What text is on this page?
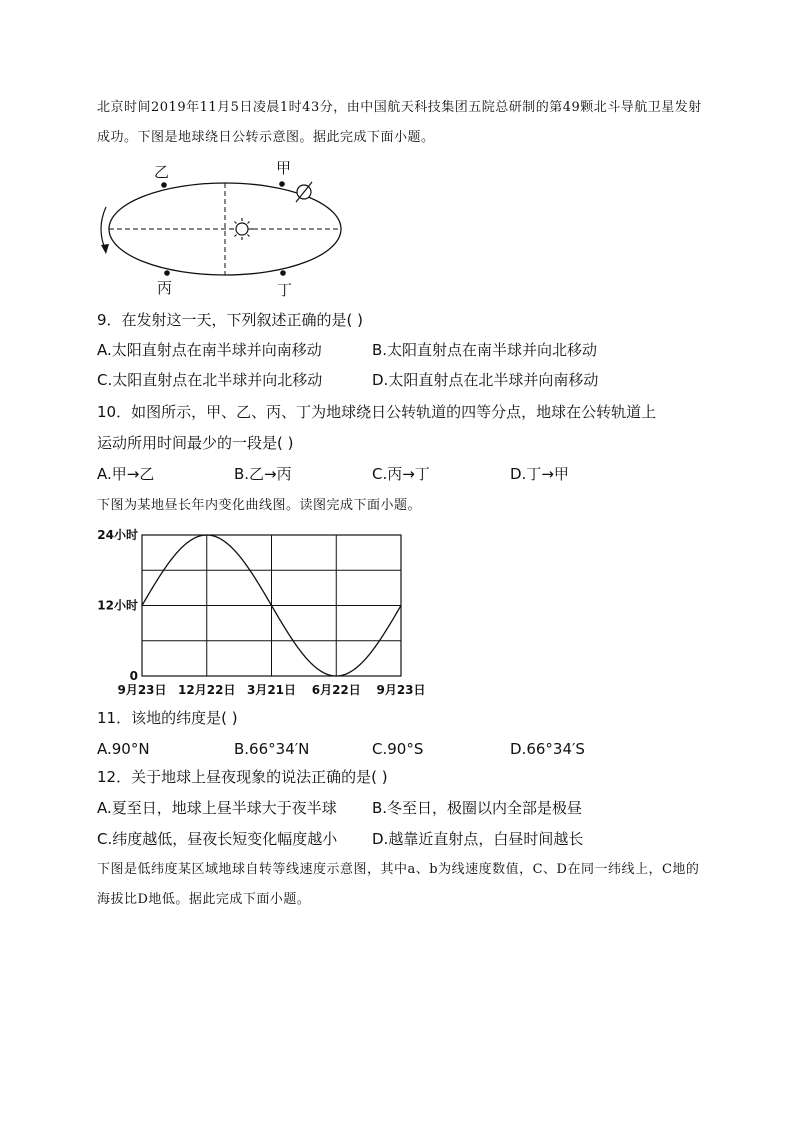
北京时间2019年11月5日凌晨1时43分，由中国航天科技集团五院总研制的第49颗北斗导航卫星发射成功。下图是地球绕日公转示意图。据此完成下面小题。
乙	甲
丙	丁
9．在发射这一天，下列叙述正确的是( )
A.太阳直射点在南半球并向南移动	B.太阳直射点在南半球并向北移动
C.太阳直射点在北半球并向北移动	D.太阳直射点在北半球并向南移动
10．如图所示，甲、乙、丙、丁为地球绕日公转轨道的四等分点，地球在公转轨道上
运动所用时间最少的一段是( )
A.甲→乙	B.乙→丙	C.丙→丁	D.丁→甲
下图为某地昼长年内变化曲线图。读图完成下面小题。
24小时
12小时
0
9月23日 12月22日 3月21日 6月22日 9月23日
11．该地的纬度是( )
A.90°N	B.66°34′N	C.90°S	D.66°34′S
12．关于地球上昼夜现象的说法正确的是( )
A.夏至日，地球上昼半球大于夜半球 B.冬至日，极圈以内全部是极昼
C.纬度越低，昼夜长短变化幅度越小 D.越靠近直射点，白昼时间越长
下图是低纬度某区域地球自转等线速度示意图，其中a、b为线速度数值，C、D在同一纬线上，C地的海拔比D地低。据此完成下面小题。
